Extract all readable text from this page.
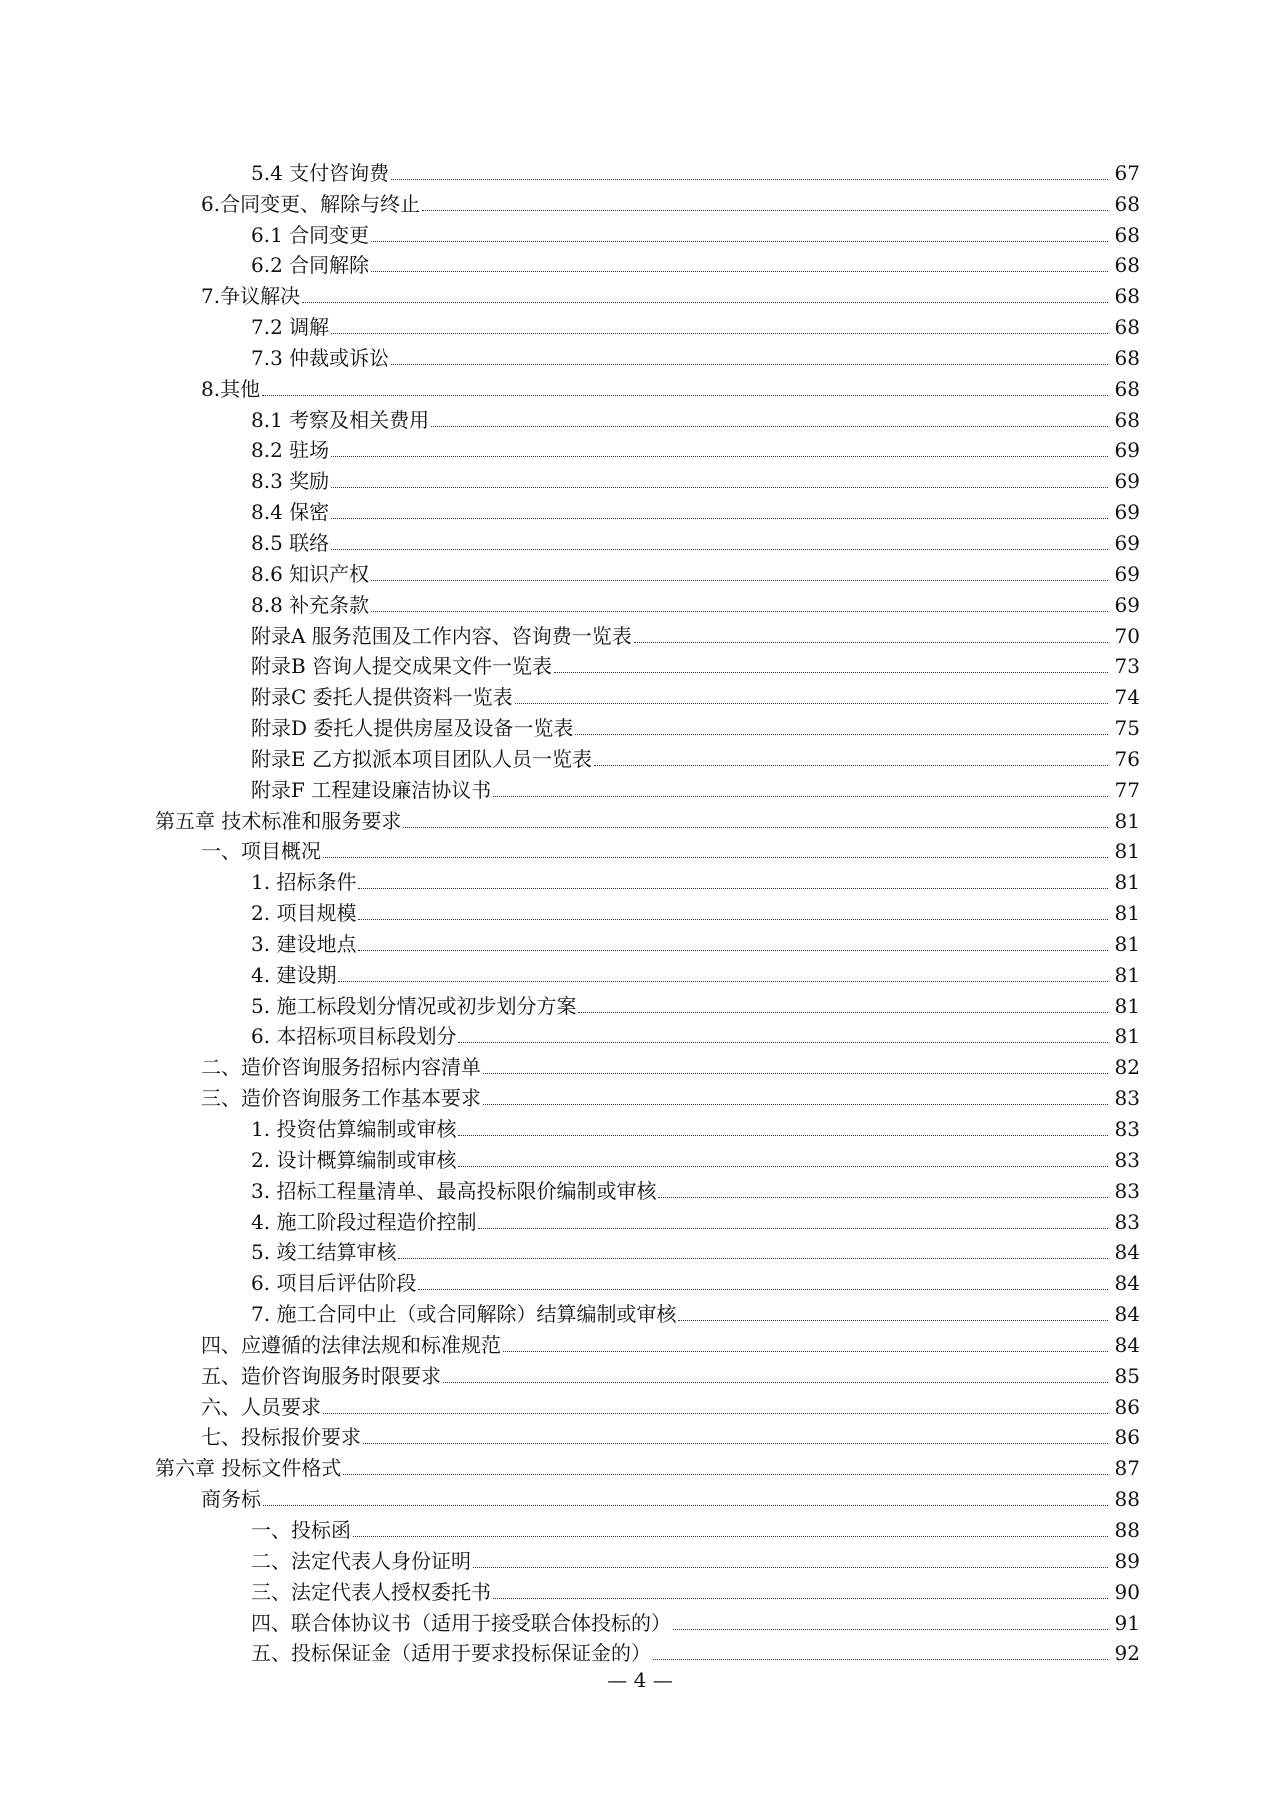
5.4 支付咨询费	67
6.合同变更、解除与终止	68
6.1 合同变更	68
6.2 合同解除	68
7.争议解决	68
7.2 调解	68
7.3 仲裁或诉讼	68
8.其他	68
8.1 考察及相关费用	68
8.2 驻场	69
8.3 奖励	69
8.4 保密	69
8.5 联络	69
8.6 知识产权	69
8.8 补充条款	69
附录A 服务范围及工作内容、咨询费一览表	70
附录B 咨询人提交成果文件一览表	73
附录C 委托人提供资料一览表	74
附录D 委托人提供房屋及设备一览表	75
附录E 乙方拟派本项目团队人员一览表	76
附录F 工程建设廉洁协议书	77
第五章 技术标准和服务要求	81
一、项目概况	81
1. 招标条件	81
2. 项目规模	81
3. 建设地点	81
4. 建设期	81
5. 施工标段划分情况或初步划分方案	81
6. 本招标项目标段划分	81
二、造价咨询服务招标内容清单	82
三、造价咨询服务工作基本要求	83
1. 投资估算编制或审核	83
2. 设计概算编制或审核	83
3. 招标工程量清单、最高投标限价编制或审核	83
4. 施工阶段过程造价控制	83
5. 竣工结算审核	84
6. 项目后评估阶段	84
7. 施工合同中止（或合同解除）结算编制或审核	84
四、应遵循的法律法规和标准规范	84
五、造价咨询服务时限要求	85
六、人员要求	86
七、投标报价要求	86
第六章 投标文件格式	87
商务标	88
一、投标函	88
二、法定代表人身份证明	89
三、法定代表人授权委托书	90
四、联合体协议书（适用于接受联合体投标的）	91
五、投标保证金（适用于要求投标保证金的）	92
— 4 —
